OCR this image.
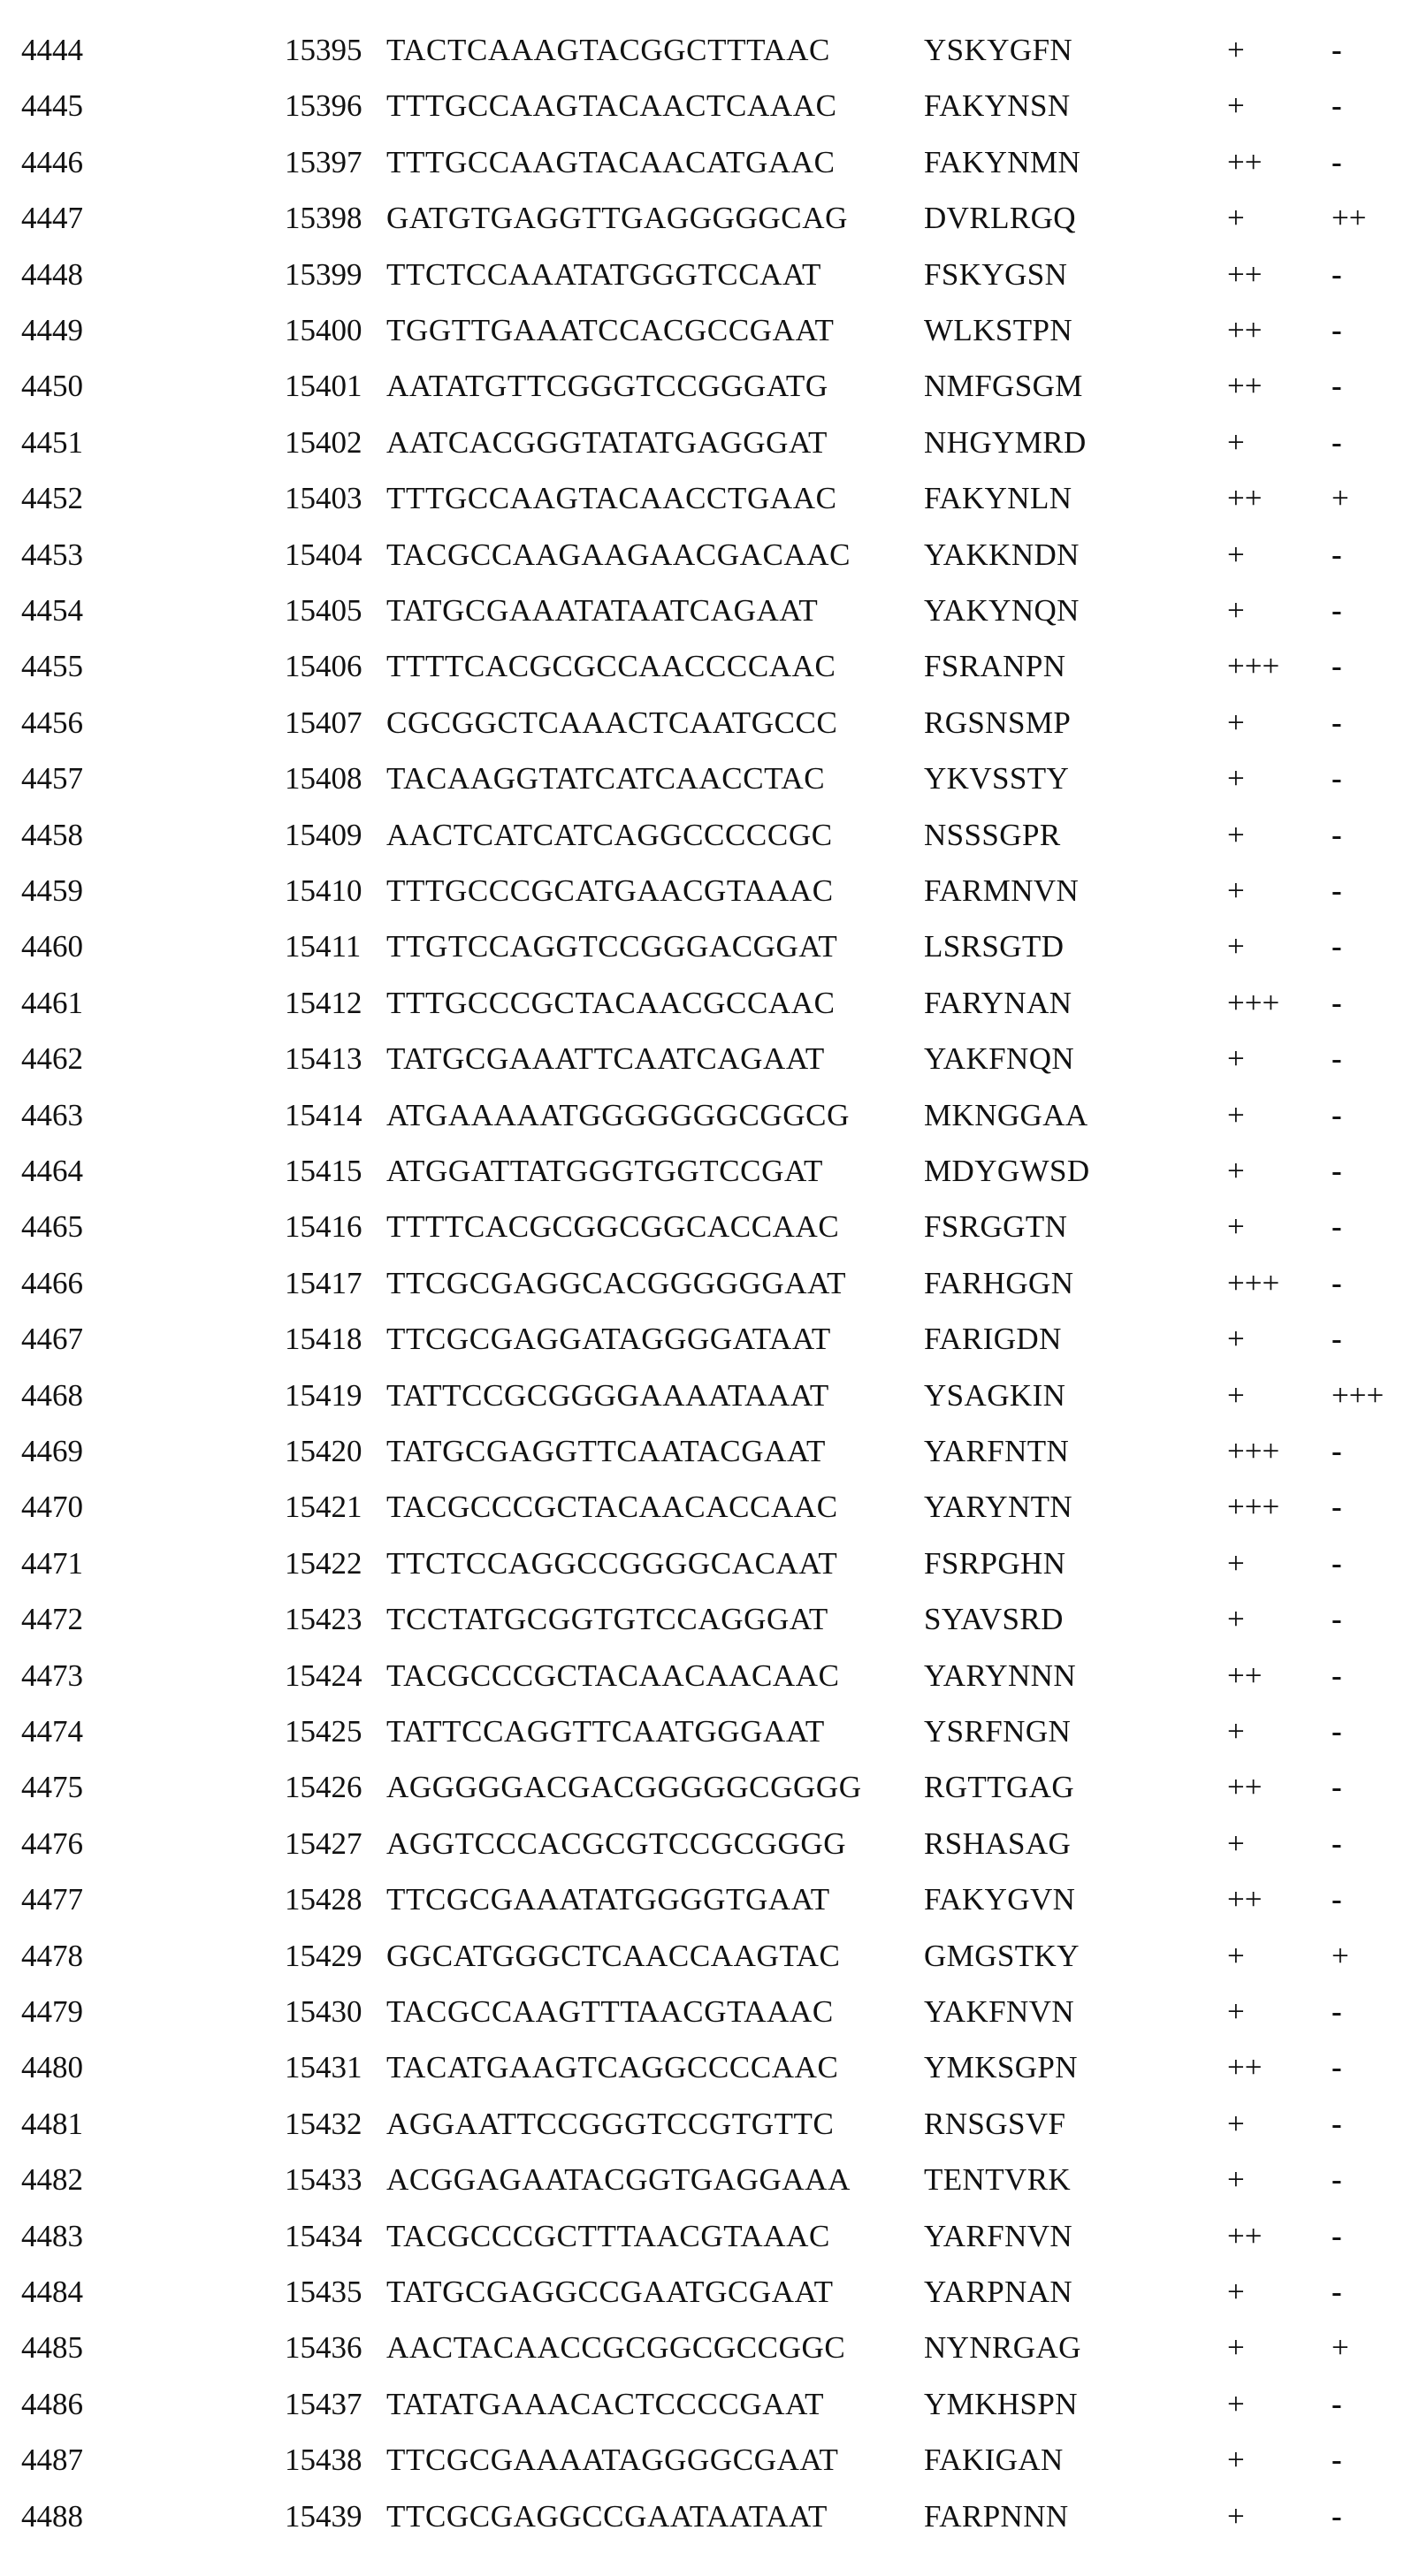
4444	15395 TACTCAAAGTACGGCTTTAAC	YSKYGFN	+	-
4445	15396 TTTGCCAAGTACAACTCAAAC	FAKYNSN	+	-
4446	15397 TTTGCCAAGTACAACATGAAC	FAKYNMN	++ -
4447	15398 GATGTGAGGTTGAGGGGGCAG DVRLRGQ	+	++
4448	15399 TTCTCCAAATATGGGTCCAAT	FSKYGSN	++ -
4449	15400 TGGTTGAAATCCACGCCGAAT	WLKSTPN	++ -
4450	15401 AATATGTTCGGGTCCGGGATG	NMFGSGM	++ -
4451	15402 AATCACGGGTATATGAGGGAT	NHGYMRD	+	-
4452	15403 TTTGCCAAGTACAACCTGAAC	FAKYNLN	++ +
4453	15404 TACGCCAAGAAGAACGACAAC YAKKNDN	+	-
4454	15405 TATGCGAAATATAATCAGAAT	YAKYNQN	+	-
4455	15406 TTTTCACGCGCCAACCCCAAC	FSRANPN	+++ -
4456	15407 CGCGGCTCAAACTCAATGCCC	RGSNSMP	+	-
4457	15408 TACAAGGTATCATCAACCTAC	YKVSSTY	+	-
4458	15409 AACTCATCATCAGGCCCCCGC	NSSSGPR	+	-
4459	15410 TTTGCCCGCATGAACGTAAAC	FARMNVN	+	-
4460	15411 TTGTCCAGGTCCGGGACGGAT	LSRSGTD	+	-
4461	15412 TTTGCCCGCTACAACGCCAAC	FARYNAN	+++ -
4462	15413 TATGCGAAATTCAATCAGAAT	YAKFNQN	+	-
4463	15414 ATGAAAAATGGGGGGGCGGCG MKNGGAA	+	-
4464	15415 ATGGATTATGGGTGGTCCGAT	MDYGWSD	+	-
4465	15416 TTTTCACGCGGCGGCACCAAC	FSRGGTN	+	-
4466	15417 TTCGCGAGGCACGGGGGGAAT	FARHGGN	+++ -
4467	15418 TTCGCGAGGATAGGGGATAAT	FARIGDN	+	-
4468	15419 TATTCCGCGGGGAAAATAAAT	YSAGKIN	+	+++
4469	15420 TATGCGAGGTTCAATACGAAT	YARFNTN	+++ -
4470	15421 TACGCCCGCTACAACACCAAC	YARYNTN	+++ -
4471	15422 TTCTCCAGGCCGGGGCACAAT	FSRPGHN	+	-
4472	15423 TCCTATGCGGTGTCCAGGGAT	SYAVSRD	+	-
4473	15424 TACGCCCGCTACAACAACAAC	YARYNNN	++ -
4474	15425 TATTCCAGGTTCAATGGGAAT	YSRFNGN	+	-
4475	15426 AGGGGGACGACGGGGGCGGGG RGTTGAG	++ -
4476	15427 AGGTCCCACGCGTCCGCGGGG	RSHASAG	+	-
4477	15428 TTCGCGAAATATGGGGTGAAT	FAKYGVN	++ -
4478	15429 GGCATGGGCTCAACCAAGTAC	GMGSTKY	+	+
4479	15430 TACGCCAAGTTTAACGTAAAC	YAKFNVN	+	-
4480	15431 TACATGAAGTCAGGCCCCAAC	YMKSGPN	++ -
4481	15432 AGGAATTCCGGGTCCGTGTTC	RNSGSVF	+	-
4482	15433 ACGGAGAATACGGTGAGGAAA TENTVRK	+	-
4483	15434 TACGCCCGCTTTAACGTAAAC	YARFNVN	++ -
4484	15435 TATGCGAGGCCGAATGCGAAT	YARPNAN	+	-
4485	15436 AACTACAACCGCGGCGCCGGC	NYNRGAG	+	+
4486	15437 TATATGAAACACTCCCCGAAT	YMKHSPN	+	-
4487	15438 TTCGCGAAAATAGGGGCGAAT	FAKIGAN	+	-
4488	15439 TTCGCGAGGCCGAATAATAAT	FARPNNN	+	-
